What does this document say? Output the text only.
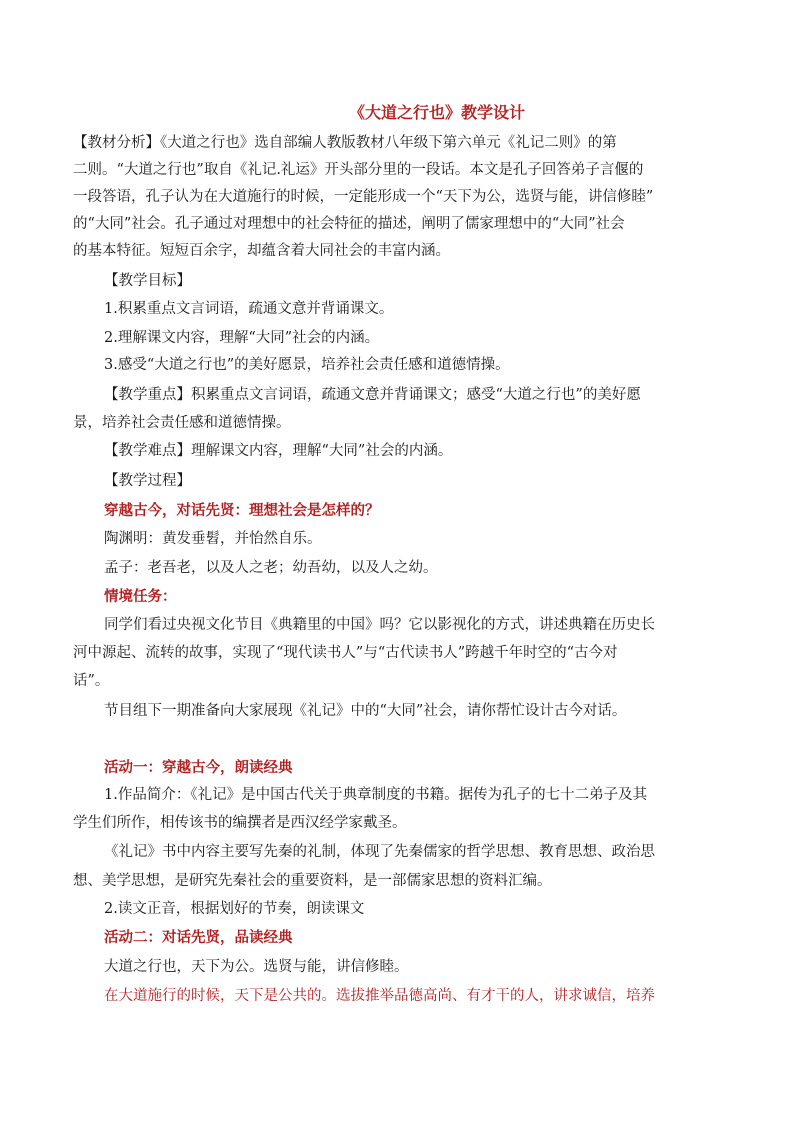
《大道之行也》教学设计
【教材分析】《大道之行也》选自部编人教版教材八年级下第六单元《礼记二则》的第
二则。“大道之行也”取自《礼记.礼运》开头部分里的一段话。本文是孔子回答弟子言偃的
一段答语，孔子认为在大道施行的时候，一定能形成一个“天下为公，选贤与能，讲信修睦”
的“大同”社会。孔子通过对理想中的社会特征的描述，阐明了儒家理想中的“大同”社会
的基本特征。短短百余字，却蕴含着大同社会的丰富内涵。
【教学目标】
1.积累重点文言词语，疏通文意并背诵课文。
2.理解课文内容，理解“大同”社会的内涵。
3.感受“大道之行也”的美好愿景，培养社会责任感和道德情操。
【教学重点】积累重点文言词语，疏通文意并背诵课文；感受“大道之行也”的美好愿
景，培养社会责任感和道德情操。
【教学难点】理解课文内容，理解“大同”社会的内涵。
【教学过程】
穿越古今，对话先贤：理想社会是怎样的？
陶渊明：黄发垂髫，并怡然自乐。
孟子：老吾老，以及人之老；幼吾幼，以及人之幼。
情境任务：
同学们看过央视文化节目《典籍里的中国》吗？它以影视化的方式，讲述典籍在历史长
河中源起、流转的故事，实现了“现代读书人”与“古代读书人”跨越千年时空的“古今对
话”。
节目组下一期准备向大家展现《礼记》中的“大同”社会，请你帮忙设计古今对话。
活动一：穿越古今，朗读经典
1.作品简介：《礼记》是中国古代关于典章制度的书籍。据传为孔子的七十二弟子及其
学生们所作，相传该书的编撰者是西汉经学家戴圣。
《礼记》书中内容主要写先秦的礼制，体现了先秦儒家的哲学思想、教育思想、政治思
想、美学思想，是研究先秦社会的重要资料，是一部儒家思想的资料汇编。
2.读文正音，根据划好的节奏，朗读课文
活动二：对话先贤，品读经典
大道之行也，天下为公。选贤与能，讲信修睦。
在大道施行的时候，天下是公共的。选拔推举品德高尚、有才干的人，讲求诚信，培养
